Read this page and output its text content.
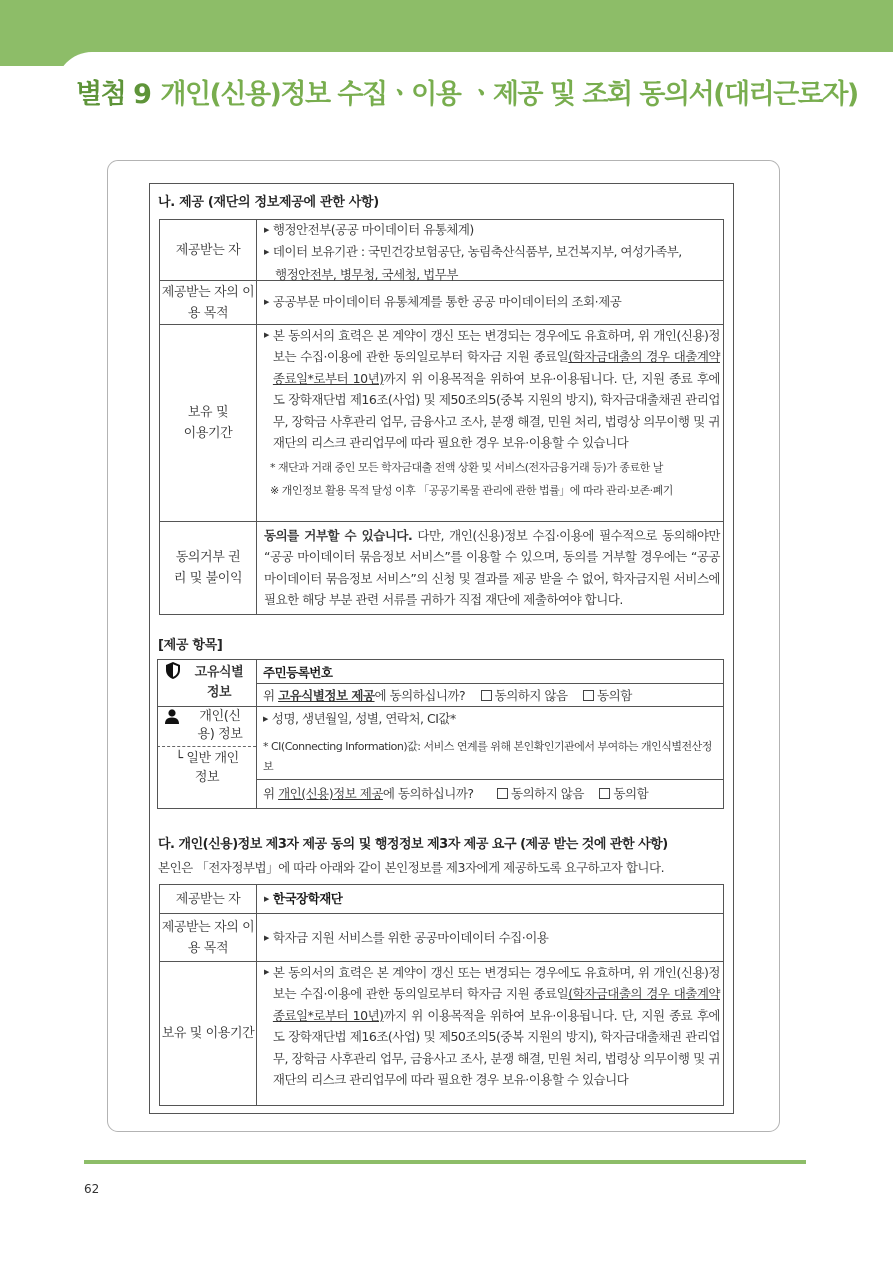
별첨 9 개인(신용)정보 수집ㆍ이용 ㆍ제공 및 조회 동의서(대리근로자)
나. 제공 (재단의 정보제공에 관한 사항)
제공받는 자
▶ 행정안전부(공공 마이데이터 유통체계)
▶ 데이터 보유기관 : 국민건강보험공단, 농림축산식품부, 보건복지부, 여성가족부,
행정안전부, 병무청, 국세청, 법무부
제공받는 자의 이용 목적
▶ 공공부문 마이데이터 유통체계를 통한 공공 마이데이터의 조회·제공
보유 및 이용기간
▶ 본 동의서의 효력은 본 계약이 갱신 또는 변경되는 경우에도 유효하며, 위 개인(신용)정보는 수집·이용에 관한 동의일로부터 학자금 지원 종료일(학자금대출의 경우 대출계약 종료일*로부터 10년)까지 위 이용목적을 위하여 보유·이용됩니다. 단, 지원 종료 후에도 장학재단법 제16조(사업) 및 제50조의5(중복 지원의 방지), 학자금대출채권 관리업무, 장학금 사후관리 업무, 금융사고 조사, 분쟁 해결, 민원 처리, 법령상 의무이행 및 귀 재단의 리스크 관리업무에 따라 필요한 경우 보유·이용할 수 있습니다
* 재단과 거래 중인 모든 학자금대출 전액 상환 및 서비스(전자금융거래 등)가 종료한 날
※ 개인정보 활용 목적 달성 이후 「공공기록물 관리에 관한 법률」에 따라 관리·보존·폐기
동의거부 권리 및 불이익
동의를 거부할 수 있습니다. 다만, 개인(신용)정보 수집·이용에 필수적으로 동의해야만 “공공 마이데이터 묶음정보 서비스”를 이용할 수 있으며, 동의를 거부할 경우에는 “공공 마이데이터 묶음정보 서비스”의 신청 및 결과를 제공 받을 수 없어, 학자금지원 서비스에 필요한 해당 부분 관련 서류를 귀하가 직접 재단에 제출하여야 합니다.
[제공 항목]
고유식별 정보
주민등록번호
위 고유식별정보 제공에 동의하십니까? 동의하지 않음 동의함
개인(신용) 정보
└ 일반 개인정보
▶ 성명, 생년월일, 성별, 연락처, CI값*
* CI(Connecting Information)값: 서비스 연계를 위해 본인확인기관에서 부여하는 개인식별전산정보
위 개인(신용)정보 제공에 동의하십니까?	동의하지 않음 동의함
다. 개인(신용)정보 제3자 제공 동의 및 행정정보 제3자 제공 요구 (제공 받는 것에 관한 사항)
본인은 「전자정부법」에 따라 아래와 같이 본인정보를 제3자에게 제공하도록 요구하고자 합니다.
제공받는 자	▶ 한국장학재단
제공받는 자의 이용 목적
▶ 학자금 지원 서비스를 위한 공공마이데이터 수집·이용
보유 및 이용기간
▶ 본 동의서의 효력은 본 계약이 갱신 또는 변경되는 경우에도 유효하며, 위 개인(신용)정보는 수집·이용에 관한 동의일로부터 학자금 지원 종료일(학자금대출의 경우 대출계약 종료일*로부터 10년)까지 위 이용목적을 위하여 보유·이용됩니다. 단, 지원 종료 후에도 장학재단법 제16조(사업) 및 제50조의5(중복 지원의 방지), 학자금대출채권 관리업무, 장학금 사후관리 업무, 금융사고 조사, 분쟁 해결, 민원 처리, 법령상 의무이행 및 귀 재단의 리스크 관리업무에 따라 필요한 경우 보유·이용할 수 있습니다
62
